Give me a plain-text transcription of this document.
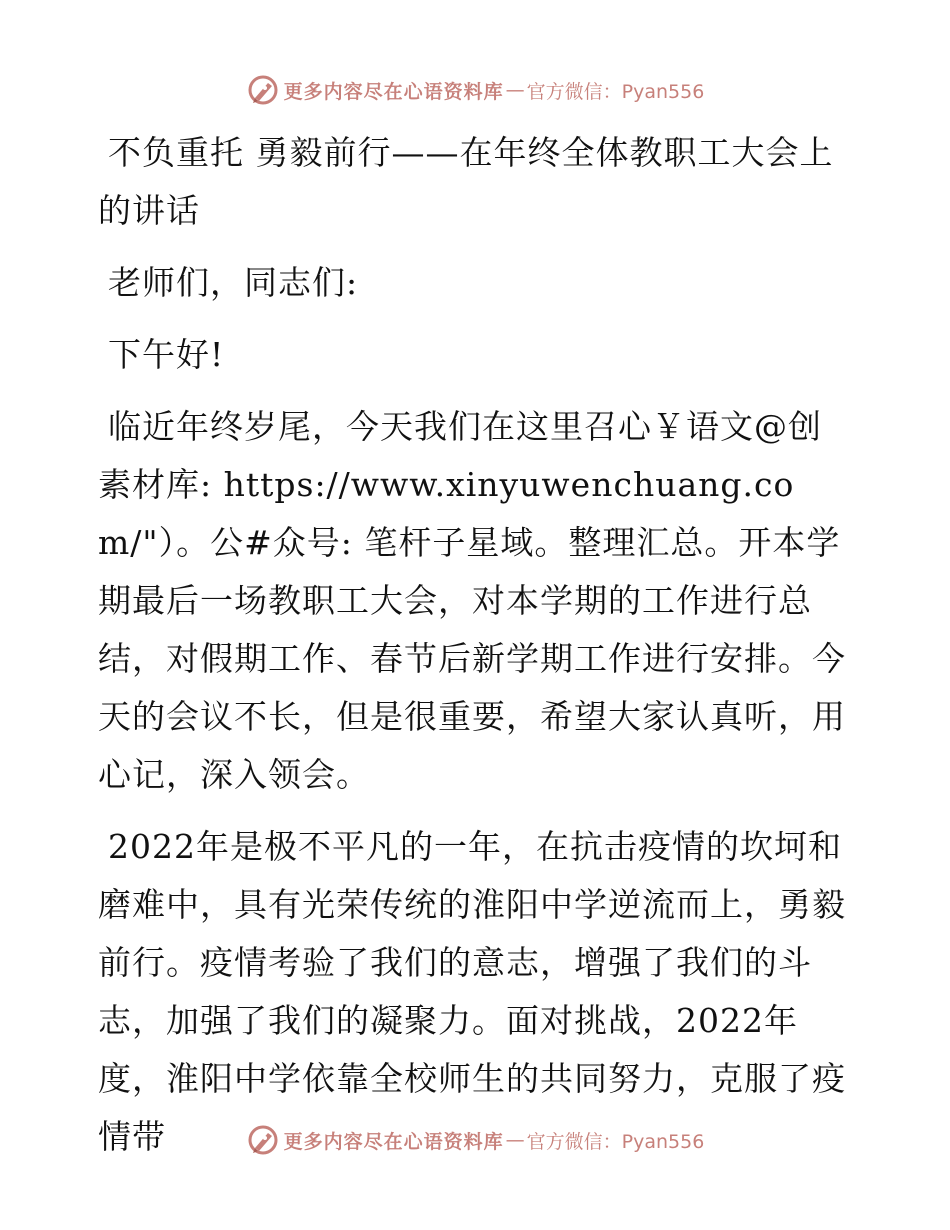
更多内容尽在心语资料库 — 官方微信：Pyan556

不负重托 勇毅前行——在年终全体教职工大会上的讲话

老师们，同志们:

下午好!

临近年终岁尾，今天我们在这里召心￥语文@创素材库: https://www.xinyuwenchuang.com/"）。公#众号: 笔杆子星域。整理汇总。开本学期最后一场教职工大会，对本学期的工作进行总结，对假期工作、春节后新学期工作进行安排。今天的会议不长，但是很重要，希望大家认真听，用心记，深入领会。

2022年是极不平凡的一年，在抗击疫情的坎坷和磨难中，具有光荣传统的淮阳中学逆流而上，勇毅前行。疫情考验了我们的意志，增强了我们的斗志，加强了我们的凝聚力。面对挑战，2022年度，淮阳中学依靠全校师生的共同努力，克服了疫情带	更多内容尽在心语资料库 — 官方微信：Pyan556
